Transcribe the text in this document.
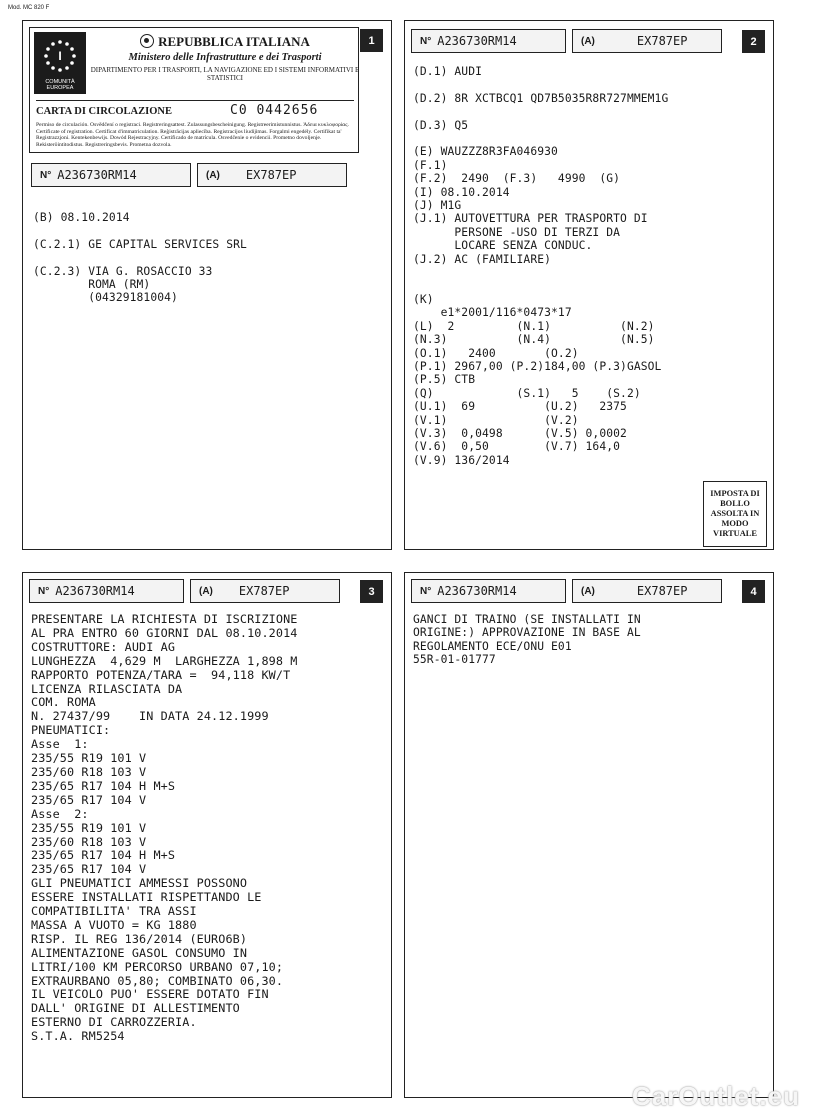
Mod. MC 820 F
I
COMUNITÀ EUROPEA
REPUBBLICA ITALIANA
Ministero delle Infrastrutture e dei Trasporti
DIPARTIMENTO PER I TRASPORTI, LA NAVIGAZIONE ED I SISTEMI INFORMATIVI E STATISTICI
CARTA DI CIRCOLAZIONE	C0 0442656
Permiso de circulación. Osvědčení o registraci. Registreringsattest. Zulassungsbescheinigung. Registreerimistunnistus. Άδεια κυκλοφορίας. Certificate of registration. Certificat d'immatriculation. Reģistrācijas apliecība. Registracijos liudijimas. Forgalmi engedély. Certifikat ta' Registrazzjoni. Kentekenbewijs. Dowód Rejestracyjny. Certificado de matrícula. Osvedčenie o evidencii. Prometno dovoljenje. Rekisteröintitodistus. Registreringsbevis. Prometna dozvola.
1
N° A236730RM14	(A) EX787EP
(B) 08.10.2014

(C.2.1) GE CAPITAL SERVICES SRL

(C.2.3) VIA G. ROSACCIO 33
ROMA (RM)
(04329181004)
N° A236730RM14	(A)	EX787EP	2
(D.1) AUDI

(D.2) 8R XCTBCQ1 QD7B5035R8R727MMEM1G

(D.3) Q5

(E) WAUZZZ8R3FA046930
(F.1)
(F.2)  2490  (F.3)   4990  (G)
(I) 08.10.2014
(J) M1G
(J.1) AUTOVETTURA PER TRASPORTO DI
PERSONE -USO DI TERZI DA
LOCARE SENZA CONDUC.
(J.2) AC (FAMILIARE)

(K)
e1*2001/116*0473*17
(L)  2         (N.1)          (N.2)
(N.3)          (N.4)          (N.5)
(O.1)   2400       (O.2)
(P.1) 2967,00 (P.2)184,00 (P.3)GASOL
(P.5) CTB
(Q)            (S.1)   5    (S.2)
(U.1)  69          (U.2)   2375
(V.1)              (V.2)
(V.3)  0,0498      (V.5) 0,0002
(V.6)  0,50        (V.7) 164,0
(V.9) 136/2014
IMPOSTA DI BOLLO ASSOLTA IN MODO VIRTUALE
N° A236730RM14	(A) EX787EP	3
PRESENTARE LA RICHIESTA DI ISCRIZIONE
AL PRA ENTRO 60 GIORNI DAL 08.10.2014
COSTRUTTORE: AUDI AG
LUNGHEZZA  4,629 M  LARGHEZZA 1,898 M
RAPPORTO POTENZA/TARA =  94,118 KW/T
LICENZA RILASCIATA DA
COM. ROMA
N. 27437/99    IN DATA 24.12.1999
PNEUMATICI:
Asse  1:
235/55 R19 101 V
235/60 R18 103 V
235/65 R17 104 H M+S
235/65 R17 104 V
Asse  2:
235/55 R19 101 V
235/60 R18 103 V
235/65 R17 104 H M+S
235/65 R17 104 V
GLI PNEUMATICI AMMESSI POSSONO
ESSERE INSTALLATI RISPETTANDO LE
COMPATIBILITA' TRA ASSI
MASSA A VUOTO = KG 1880
RISP. IL REG 136/2014 (EURO6B)
ALIMENTAZIONE GASOL CONSUMO IN
LITRI/100 KM PERCORSO URBANO 07,10;
EXTRAURBANO 05,80; COMBINATO 06,30.
IL VEICOLO PUO' ESSERE DOTATO FIN
DALL' ORIGINE DI ALLESTIMENTO
ESTERNO DI CARROZZERIA.
S.T.A. RM5254
N° A236730RM14	(A)	EX787EP	4
GANCI DI TRAINO (SE INSTALLATI IN
ORIGINE:) APPROVAZIONE IN BASE AL
REGOLAMENTO ECE/ONU E01
55R-01-01777
CarOutlet.eu
